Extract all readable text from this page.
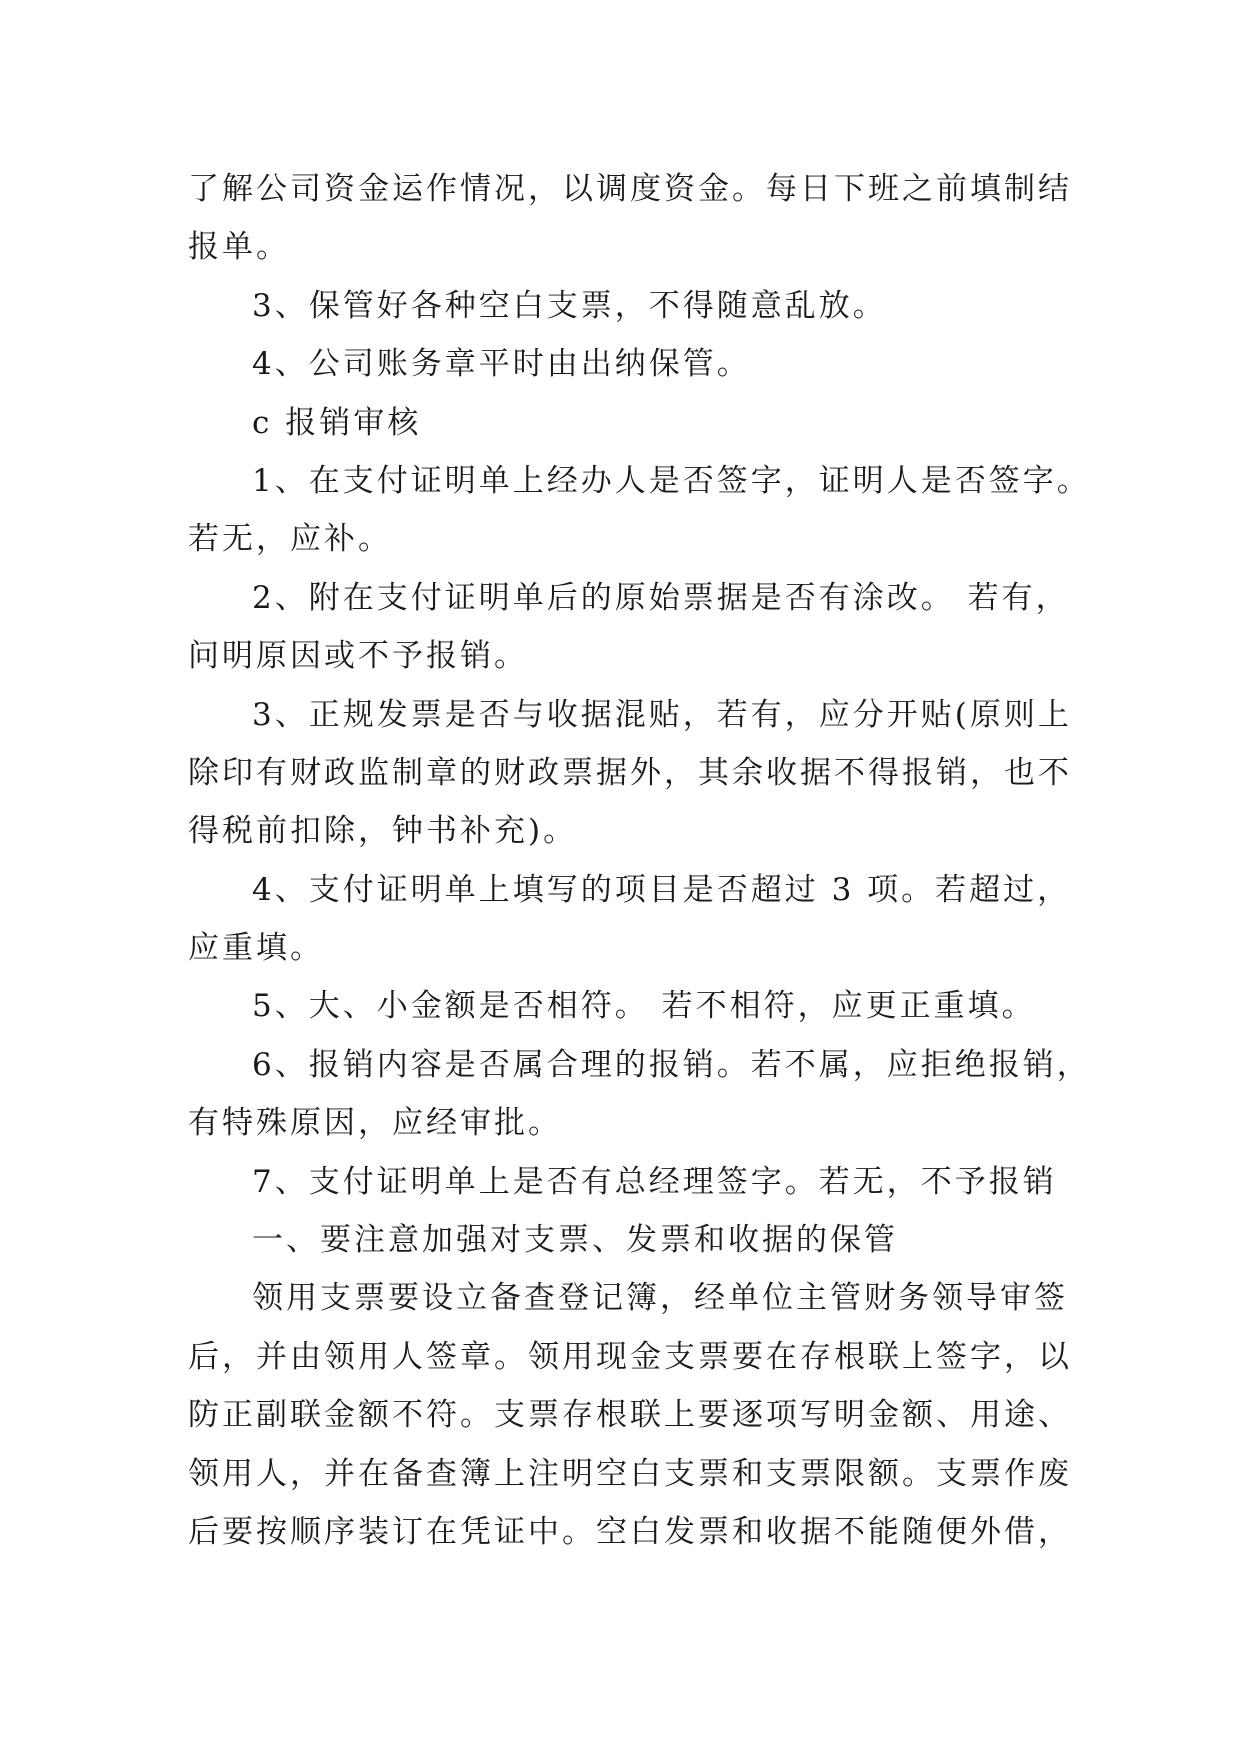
了解公司资金运作情况，以调度资金。每日下班之前填制结
报单。
3、保管好各种空白支票，不得随意乱放。
4、公司账务章平时由出纳保管。
c 报销审核
1、在支付证明单上经办人是否签字，证明人是否签字。
若无，应补。
2、附在支付证明单后的原始票据是否有涂改。 若有，
问明原因或不予报销。
3、正规发票是否与收据混贴，若有，应分开贴(原则上
除印有财政监制章的财政票据外，其余收据不得报销，也不
得税前扣除，钟书补充)。
4、支付证明单上填写的项目是否超过 3 项。若超过，
应重填。
5、大、小金额是否相符。 若不相符，应更正重填。
6、报销内容是否属合理的报销。若不属，应拒绝报销，
有特殊原因，应经审批。
7、支付证明单上是否有总经理签字。若无，不予报销
一、要注意加强对支票、发票和收据的保管
领用支票要设立备查登记簿，经单位主管财务领导审签
后，并由领用人签章。领用现金支票要在存根联上签字，以
防正副联金额不符。支票存根联上要逐项写明金额、用途、
领用人，并在备查簿上注明空白支票和支票限额。支票作废
后要按顺序装订在凭证中。空白发票和收据不能随便外借，
